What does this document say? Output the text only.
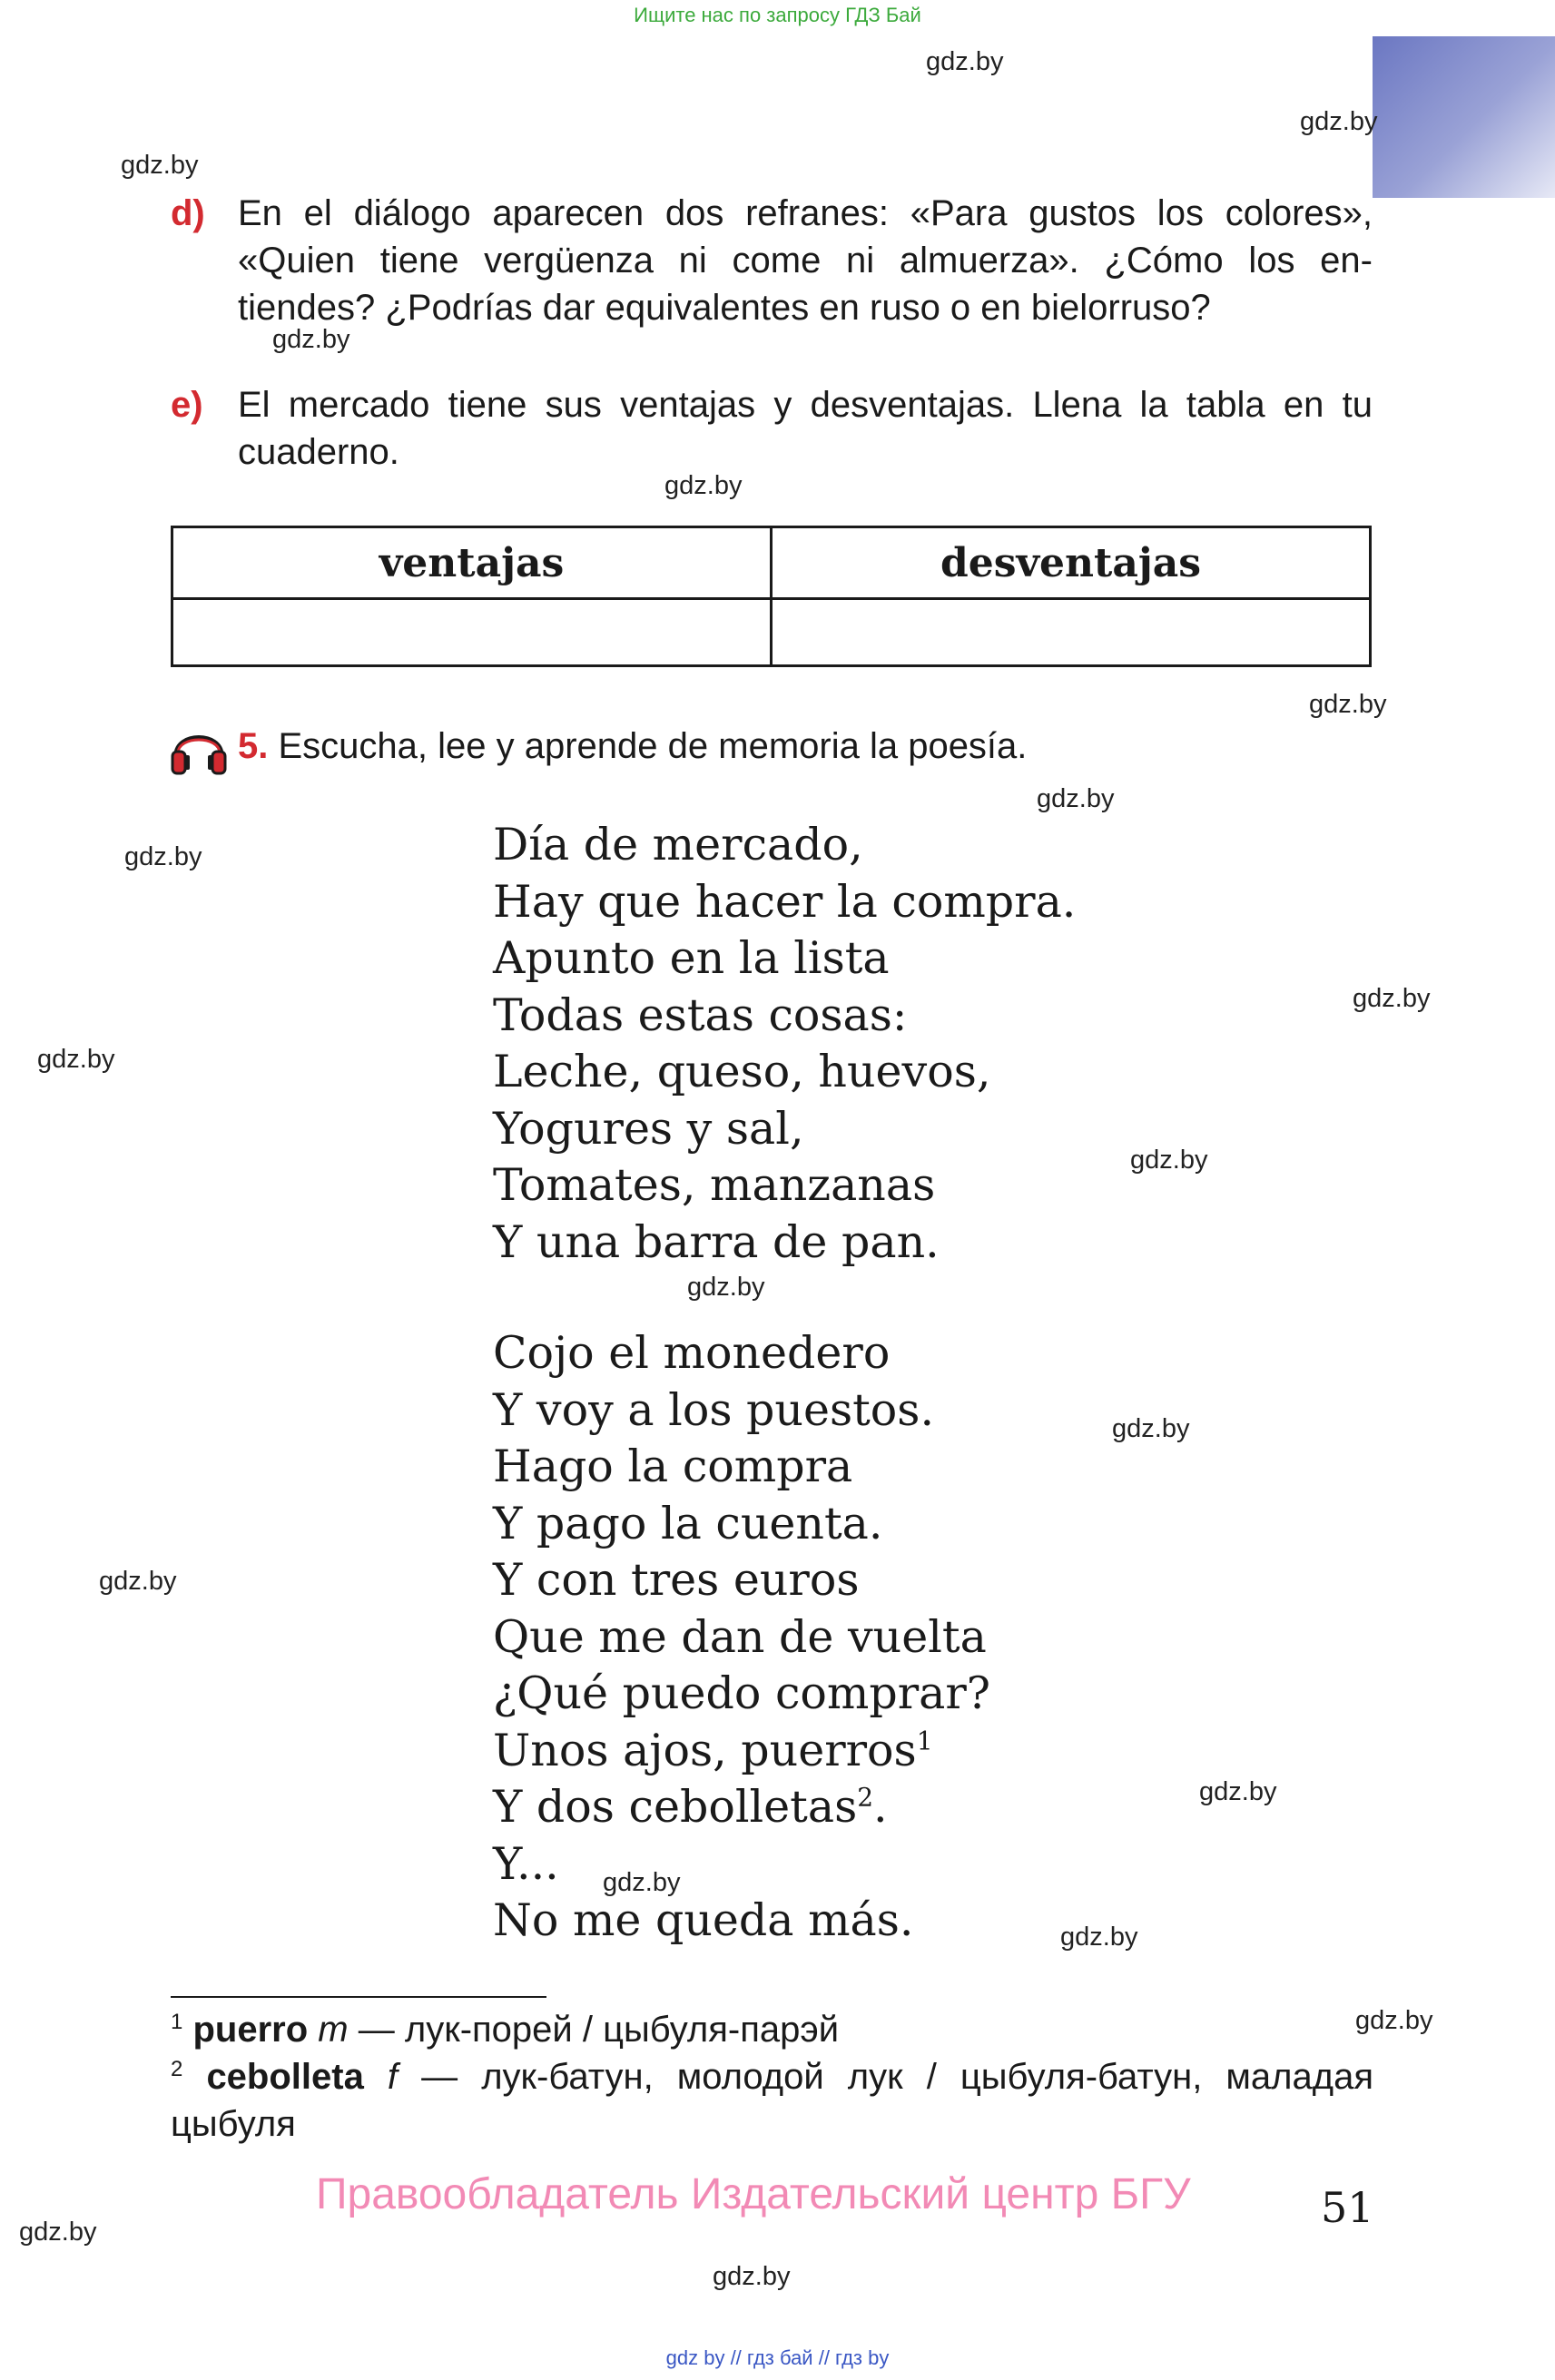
Ищите нас по запросу ГДЗ Бай
gdz.by
gdz.by
gdz.by
gdz.by
gdz.by
gdz.by
gdz.by
gdz.by
gdz.by
gdz.by
gdz.by
gdz.by
gdz.by
gdz.by
gdz.by
gdz.by
gdz.by
gdz.by
gdz.by
gdz.by
d) En el diálogo aparecen dos refranes: «Para gustos los colores»,
«Quien tiene vergüenza ni come ni almuerza». ¿Cómo los en-
tiendes? ¿Podrías dar equivalentes en ruso o en bielorruso?
e) El mercado tiene sus ventajas y desventajas. Llena la tabla en tu
cuaderno.
ventajas	desventajas

5. Escucha, lee y aprende de memoria la poesía.
Día de mercado,
Hay que hacer la compra.
Apunto en la lista
Todas estas cosas:
Leche, queso, huevos,
Yogures y sal,
Tomates, manzanas
Y una barra de pan.
Cojo el monedero
Y voy a los puestos.
Hago la compra
Y pago la cuenta.
Y con tres euros
Que me dan de vuelta
¿Qué puedo comprar?
Unos ajos, puerros$^1$
Y dos cebolletas$^2$.
Y...
No me queda más.
$^1$ puerro m — лук-порей / цыбуля-парэй
$^2$ cebolleta f — лук-батун, молодой лук / цыбуля-батун, маладая цыбуля
Правообладатель Издательский центр БГУ	51
gdz by // гдз бай // гдз by
